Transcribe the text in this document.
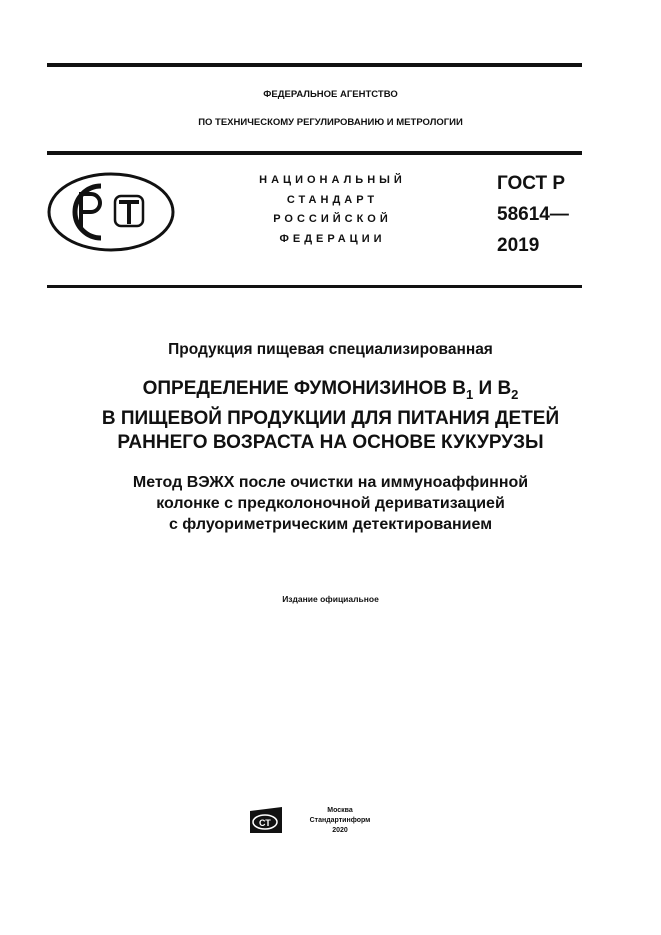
ФЕДЕРАЛЬНОЕ АГЕНТСТВО
ПО ТЕХНИЧЕСКОМУ РЕГУЛИРОВАНИЮ И МЕТРОЛОГИИ
НАЦИОНАЛЬНЫЙ
СТАНДАРТ
РОССИЙСКОЙ
ФЕДЕРАЦИИ
ГОСТ Р
58614—
2019
Продукция пищевая специализированная
ОПРЕДЕЛЕНИЕ ФУМОНИЗИНОВ $В_1$ И $В_2$
В ПИЩЕВОЙ ПРОДУКЦИИ ДЛЯ ПИТАНИЯ ДЕТЕЙ
РАННЕГО ВОЗРАСТА НА ОСНОВЕ КУКУРУЗЫ
Метод ВЭЖХ после очистки на иммуноаффинной
колонке с предколоночной дериватизацией
с флуориметрическим детектированием
Издание официальное
СТ
Москва
Стандартинформ
2020
